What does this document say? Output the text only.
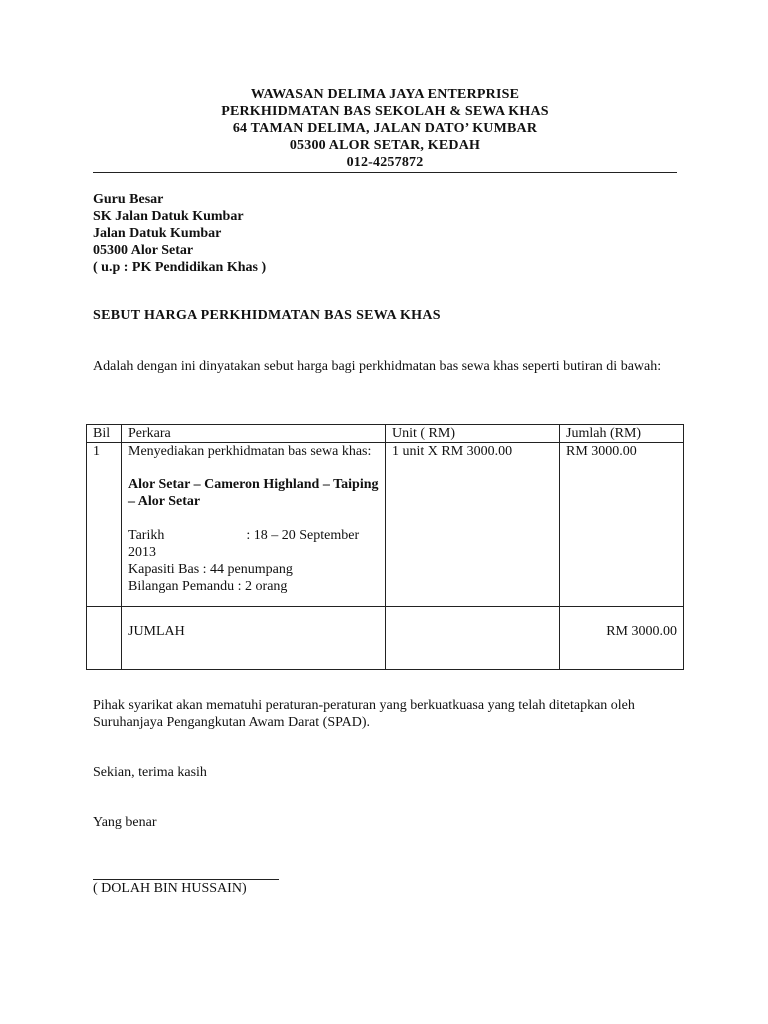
WAWASAN DELIMA JAYA ENTERPRISE
PERKHIDMATAN BAS SEKOLAH & SEWA KHAS
64 TAMAN DELIMA, JALAN DATO’ KUMBAR
05300 ALOR SETAR, KEDAH
012-4257872
Guru Besar
SK Jalan Datuk Kumbar
Jalan Datuk Kumbar
05300 Alor Setar
( u.p : PK Pendidikan Khas )
SEBUT HARGA PERKHIDMATAN BAS SEWA KHAS
Adalah dengan ini dinyatakan sebut harga bagi perkhidmatan bas sewa khas seperti butiran di bawah:
Bil	Perkara	Unit ( RM)	Jumlah (RM)
1	Menyediakan perkhidmatan bas sewa khas:
Alor Setar – Cameron Highland – Taiping – Alor Setar
Tarikh : 18 – 20 September 2013
Kapasiti Bas : 44 penumpang
Bilangan Pemandu : 2 orang	1 unit X RM 3000.00	RM 3000.00
	JUMLAH		RM 3000.00
Pihak syarikat akan mematuhi peraturan-peraturan yang berkuatkuasa yang telah ditetapkan oleh Suruhanjaya Pengangkutan Awam Darat (SPAD).
Sekian, terima kasih
Yang benar
( DOLAH BIN HUSSAIN)
